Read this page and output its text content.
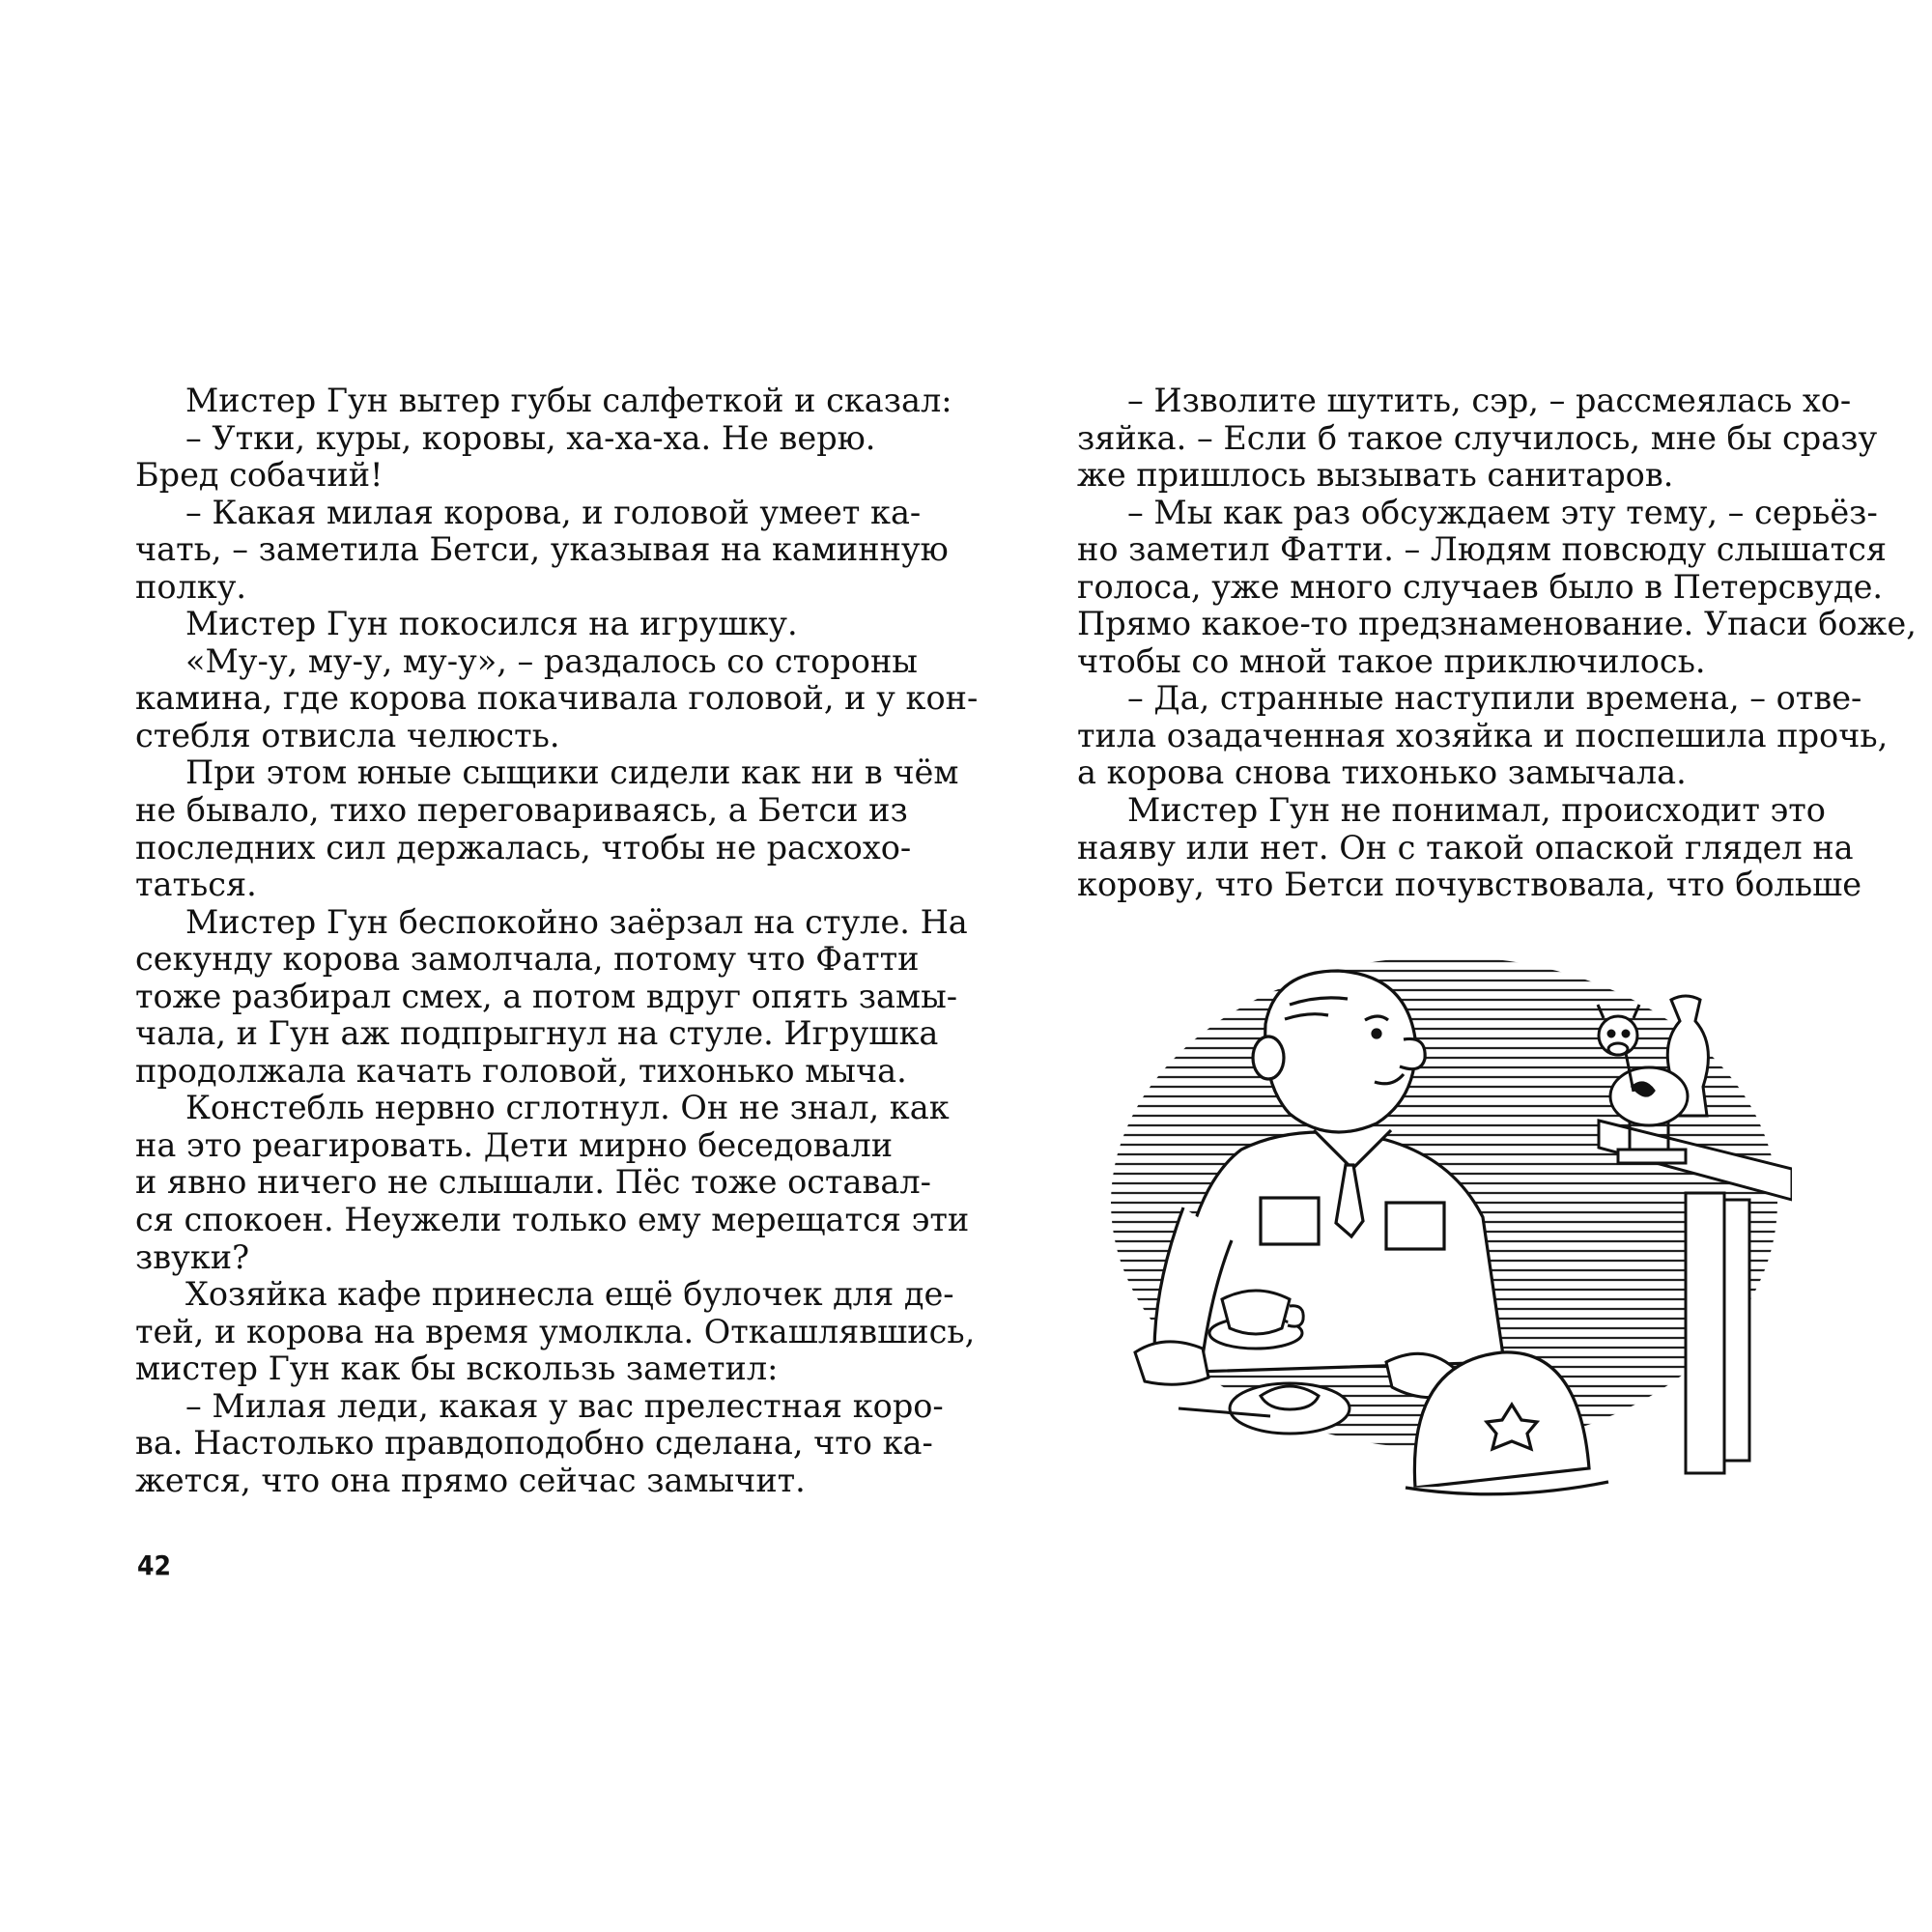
Мистер Гун вытер губы салфеткой и сказал:
– Утки, куры, коровы, ха-ха-ха. Не верю.
Бред собачий!
– Какая милая корова, и головой умеет ка-
чать, – заметила Бетси, указывая на каминную
полку.
Мистер Гун покосился на игрушку.
«Му-у, му-у, му-у», – раздалось со стороны
камина, где корова покачивала головой, и у кон-
стебля отвисла челюсть.
При этом юные сыщики сидели как ни в чём
не бывало, тихо переговариваясь, а Бетси из
последних сил держалась, чтобы не расхохо-
таться.
Мистер Гун беспокойно заёрзал на стуле. На
секунду корова замолчала, потому что Фатти
тоже разбирал смех, а потом вдруг опять замы-
чала, и Гун аж подпрыгнул на стуле. Игрушка
продолжала качать головой, тихонько мыча.
Констебль нервно сглотнул. Он не знал, как
на это реагировать. Дети мирно беседовали
и явно ничего не слышали. Пёс тоже оставал-
ся спокоен. Неужели только ему мерещатся эти
звуки?
Хозяйка кафе принесла ещё булочек для де-
тей, и корова на время умолкла. Откашлявшись,
мистер Гун как бы вскользь заметил:
– Милая леди, какая у вас прелестная коро-
ва. Настолько правдоподобно сделана, что ка-
жется, что она прямо сейчас замычит.
42
– Изволите шутить, сэр, – рассмеялась хо-
зяйка. – Если б такое случилось, мне бы сразу
же пришлось вызывать санитаров.
– Мы как раз обсуждаем эту тему, – серьёз-
но заметил Фатти. – Людям повсюду слышатся
голоса, уже много случаев было в Петерсвуде.
Прямо какое-то предзнаменование. Упаси боже,
чтобы со мной такое приключилось.
– Да, странные наступили времена, – отве-
тила озадаченная хозяйка и поспешила прочь,
а корова снова тихонько замычала.
Мистер Гун не понимал, происходит это
наяву или нет. Он с такой опаской глядел на
корову, что Бетси почувствовала, что больше
